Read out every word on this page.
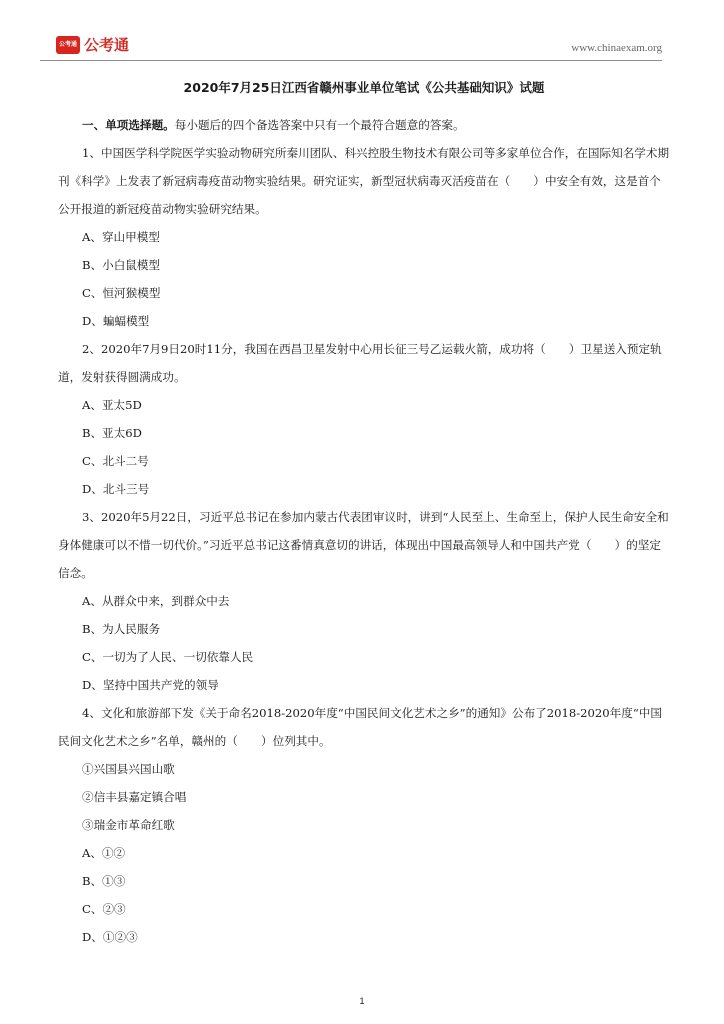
公考通 公考通	www.chinaexam.org

2020年7月25日江西省赣州事业单位笔试《公共基础知识》试题

一、单项选择题。每小题后的四个备选答案中只有一个最符合题意的答案。

1、中国医学科学院医学实验动物研究所秦川团队、科兴控股生物技术有限公司等多家单位合作，在国际知名学术期刊《科学》上发表了新冠病毒疫苗动物实验结果。研究证实，新型冠状病毒灭活疫苗在（　　）中安全有效，这是首个公开报道的新冠疫苗动物实验研究结果。

A、穿山甲模型

B、小白鼠模型

C、恒河猴模型

D、蝙蝠模型

2、2020年7月9日20时11分，我国在西昌卫星发射中心用长征三号乙运载火箭，成功将（　　）卫星送入预定轨道，发射获得圆满成功。

A、亚太5D

B、亚太6D

C、北斗二号

D、北斗三号

3、2020年5月22日，习近平总书记在参加内蒙古代表团审议时，讲到“人民至上、生命至上，保护人民生命安全和身体健康可以不惜一切代价。”习近平总书记这番情真意切的讲话，体现出中国最高领导人和中国共产党（　　）的坚定信念。

A、从群众中来，到群众中去

B、为人民服务

C、一切为了人民、一切依靠人民

D、坚持中国共产党的领导

4、文化和旅游部下发《关于命名2018-2020年度“中国民间文化艺术之乡”的通知》公布了2018-2020年度“中国民间文化艺术之乡”名单，赣州的（　　）位列其中。

①兴国县兴国山歌

②信丰县嘉定镇合唱

③瑞金市革命红歌

A、①②

B、①③

C、②③

D、①②③

1
